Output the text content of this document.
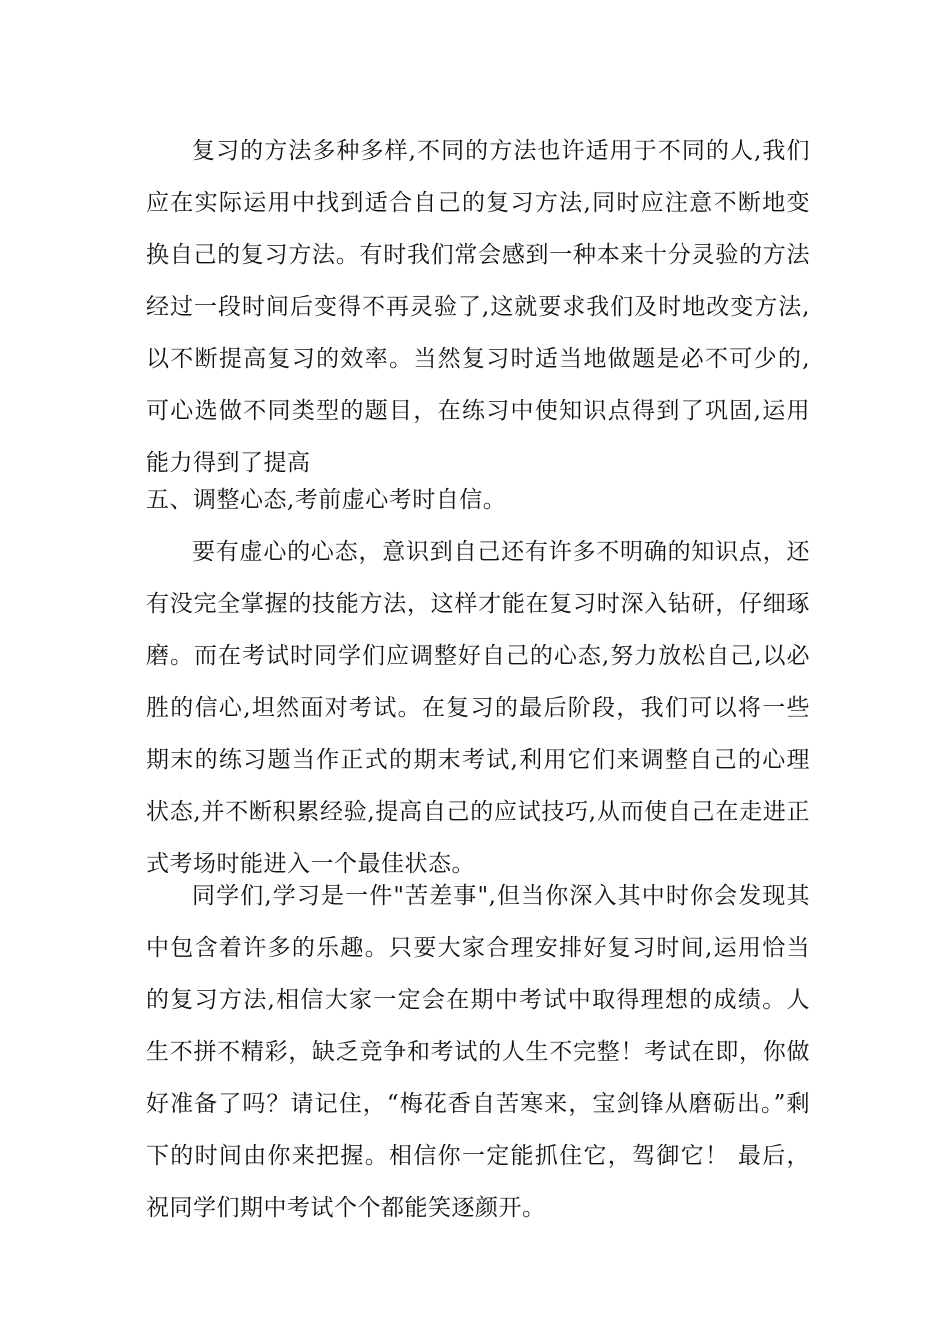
复习的方法多种多样,不同的方法也许适用于不同的人,我们应在实际运用中找到适合自己的复习方法,同时应注意不断地变换自己的复习方法。有时我们常会感到一种本来十分灵验的方法经过一段时间后变得不再灵验了,这就要求我们及时地改变方法,以不断提高复习的效率。当然复习时适当地做题是必不可少的,可心选做不同类型的题目，在练习中使知识点得到了巩固,运用能力得到了提高

五、调整心态,考前虚心考时自信。

要有虚心的心态，意识到自己还有许多不明确的知识点，还有没完全掌握的技能方法，这样才能在复习时深入钻研，仔细琢磨。而在考试时同学们应调整好自己的心态,努力放松自己,以必胜的信心,坦然面对考试。在复习的最后阶段，我们可以将一些期末的练习题当作正式的期末考试,利用它们来调整自己的心理状态,并不断积累经验,提高自己的应试技巧,从而使自己在走进正式考场时能进入一个最佳状态。

同学们,学习是一件"苦差事",但当你深入其中时你会发现其中包含着许多的乐趣。只要大家合理安排好复习时间,运用恰当的复习方法,相信大家一定会在期中考试中取得理想的成绩。人生不拼不精彩，缺乏竞争和考试的人生不完整！考试在即，你做好准备了吗？请记住，“梅花香自苦寒来，宝剑锋从磨砺出。”剩下的时间由你来把握。相信你一定能抓住它，驾御它！ 最后，祝同学们期中考试个个都能笑逐颜开。
